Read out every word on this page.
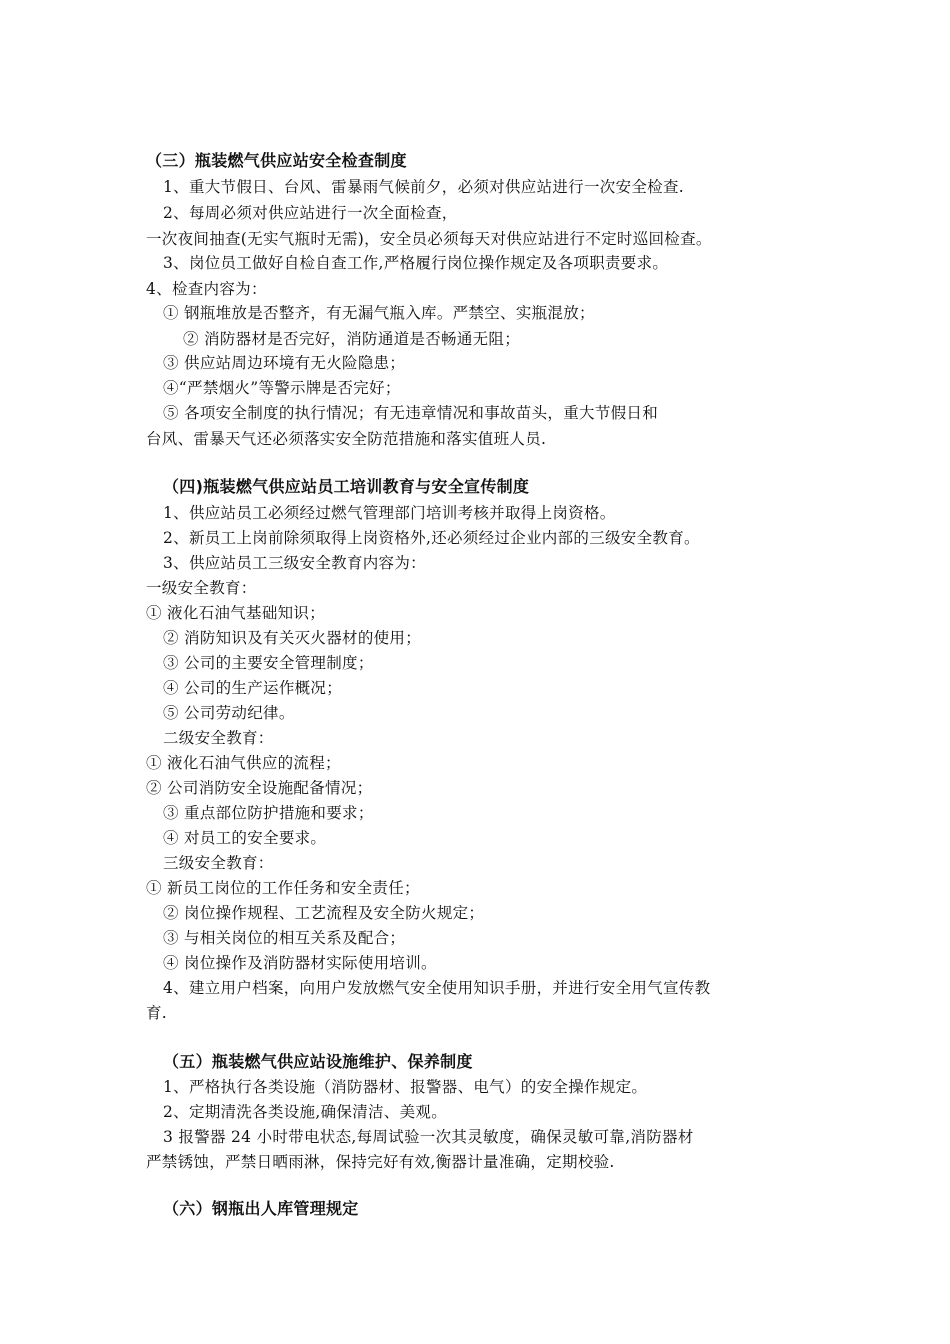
（三）瓶装燃气供应站安全检查制度
1、重大节假日、台风、雷暴雨气候前夕，必须对供应站进行一次安全检查.
2、每周必须对供应站进行一次全面检查，
一次夜间抽查(无实气瓶时无需)，安全员必须每天对供应站进行不定时巡回检查。
3、岗位员工做好自检自查工作,严格履行岗位操作规定及各项职责要求。
4、检查内容为：
① 钢瓶堆放是否整齐，有无漏气瓶入库。严禁空、实瓶混放；
② 消防器材是否完好，消防通道是否畅通无阻；
③ 供应站周边环境有无火险隐患；
④“严禁烟火”等警示牌是否完好；
⑤ 各项安全制度的执行情况；有无违章情况和事故苗头，重大节假日和
台风、雷暴天气还必须落实安全防范措施和落实值班人员.
（四)瓶装燃气供应站员工培训教育与安全宣传制度
1、供应站员工必须经过燃气管理部门培训考核并取得上岗资格。
2、新员工上岗前除须取得上岗资格外,还必须经过企业内部的三级安全教育。
3、供应站员工三级安全教育内容为：
一级安全教育：
① 液化石油气基础知识；
② 消防知识及有关灭火器材的使用；
③ 公司的主要安全管理制度；
④ 公司的生产运作概况；
⑤ 公司劳动纪律。
二级安全教育：
① 液化石油气供应的流程；
② 公司消防安全设施配备情况；
③ 重点部位防护措施和要求；
④ 对员工的安全要求。
三级安全教育：
① 新员工岗位的工作任务和安全责任；
② 岗位操作规程、工艺流程及安全防火规定；
③ 与相关岗位的相互关系及配合；
④ 岗位操作及消防器材实际使用培训。
4、建立用户档案，向用户发放燃气安全使用知识手册，并进行安全用气宣传教
育.
（五）瓶装燃气供应站设施维护、保养制度
1、严格执行各类设施（消防器材、报警器、电气）的安全操作规定。
2、定期清洗各类设施,确保清洁、美观。
3 报警器 24 小时带电状态,每周试验一次其灵敏度，确保灵敏可靠,消防器材
严禁锈蚀，严禁日晒雨淋，保持完好有效,衡器计量准确，定期校验.
（六）钢瓶出人库管理规定
